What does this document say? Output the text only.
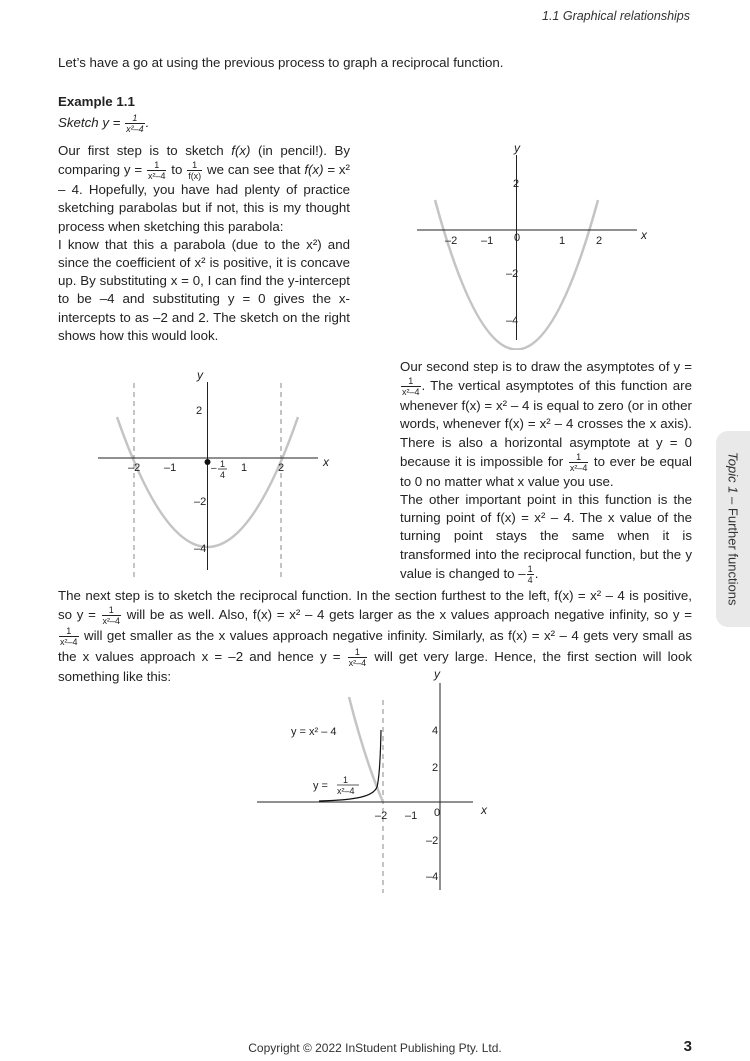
1.1 Graphical relationships
Let’s have a go at using the previous process to graph a reciprocal function.
Example 1.1
Sketch $y = \frac{1}{\text{x²–4}}$ .
Our first step is to sketch f(x) (in pencil!). By comparing $y = \frac{1}{\text{x²–4}}$ to $\frac{1}{f(x)}$ we can see that f(x) = x² – 4. Hopefully, you have had plenty of practice sketching parabolas but if not, this is my thought process when sketching this parabola:
I know that this a parabola (due to the x²) and since the coefficient of x² is positive, it is concave up. By substituting x = 0, I can find the y-intercept to be –4 and substituting y = 0 gives the x-intercepts to as –2 and 2. The sketch on the right shows how this would look.
x
y
–2 –1 0	1	2
2
–2
–4
x
y
–2 –1	1	2
– 1
4
2
–2
–4
Our second step is to draw the asymptotes of y =
$\frac{1}{\text{x²–4}}$ . The vertical asymptotes of this function are whenever f(x) = x² – 4 is equal to zero (or in other words, whenever f(x) = x² – 4 crosses the x axis). There is also a horizontal asymptote at y = 0 because it is impossible for $\frac{1}{\text{x²–4}}$ to ever be equal to 0 no matter what x value you use.
The other important point in this function is the turning point of f(x) = x² – 4. The x value of the turning point stays the same when it is transformed into the reciprocal function, but the y value is changed to – $\frac{1}{4}$ .
The next step is to sketch the reciprocal function. In the section furthest to the left, f(x) = x² – 4 is positive, so $y = \frac{1}{\text{x²–4}}$ will be as well. Also, f(x) = x² – 4 gets larger as the x values approach negative infinity, so y =
$\frac{1}{\text{x²–4}}$ will get smaller as the x values approach negative infinity. Similarly, as f(x) = x² – 4 gets very small as the x values approach x = –2 and hence $y = \frac{1}{\text{x²–4}}$ will get very large. Hence, the first section will look something like this:
x
y
–2 –1 0
4
2
–2
–4
y = x² – 4
y = 1
x²–4
Topic 1 – Further functions
Copyright © 2022 InStudent Publishing Pty. Ltd.	3
